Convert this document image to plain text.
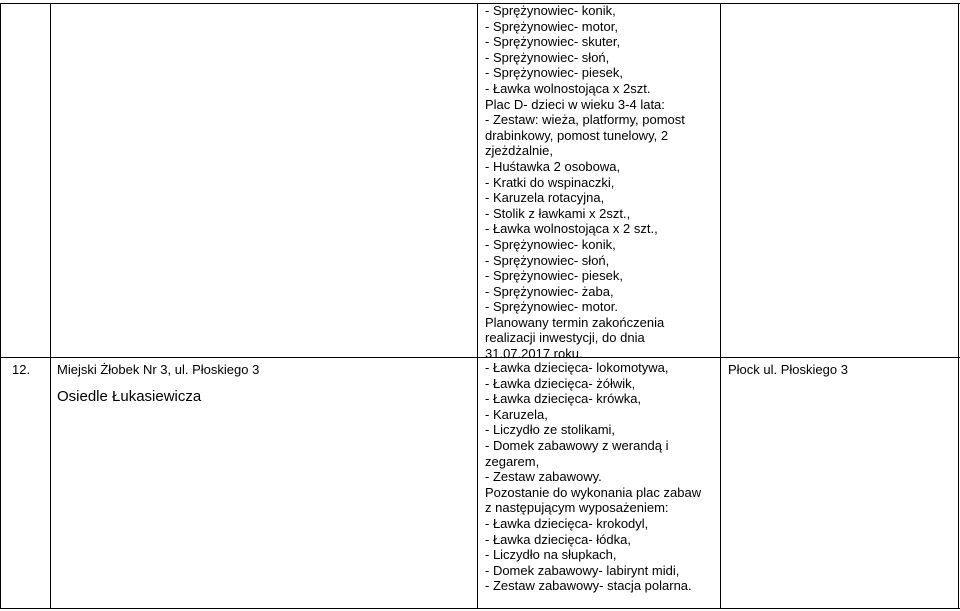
- Sprężynowiec- konik,
- Sprężynowiec- motor,
- Sprężynowiec- skuter,
- Sprężynowiec- słoń,
- Sprężynowiec- piesek,
- Ławka wolnostojąca x 2szt.
Plac D- dzieci w wieku 3-4 lata:
- Zestaw: wieża, platformy, pomost
drabinkowy, pomost tunelowy, 2
zjeżdżalnie,
- Huśtawka 2 osobowa,
- Kratki do wspinaczki,
- Karuzela rotacyjna,
- Stolik z ławkami x 2szt.,
- Ławka wolnostojąca x 2 szt.,
- Sprężynowiec- konik,
- Sprężynowiec- słoń,
- Sprężynowiec- piesek,
- Sprężynowiec- żaba,
- Sprężynowiec- motor.
Planowany termin zakończenia
realizacji inwestycji, do dnia
31.07.2017 roku.
12. Miejski Żłobek Nr 3, ul. Płoskiego 3
Osiedle Łukasiewicza
- Ławka dziecięca- lokomotywa,
- Ławka dziecięca- żółwik,
- Ławka dziecięca- krówka,
- Karuzela,
- Liczydło ze stolikami,
- Domek zabawowy z werandą i
zegarem,
- Zestaw zabawowy.
Pozostanie do wykonania plac zabaw
z następującym wyposażeniem:
- Ławka dziecięca- krokodyl,
- Ławka dziecięca- łódka,
- Liczydło na słupkach,
- Domek zabawowy- labirynt midi,
- Zestaw zabawowy- stacja polarna.
Płock ul. Płoskiego 3
